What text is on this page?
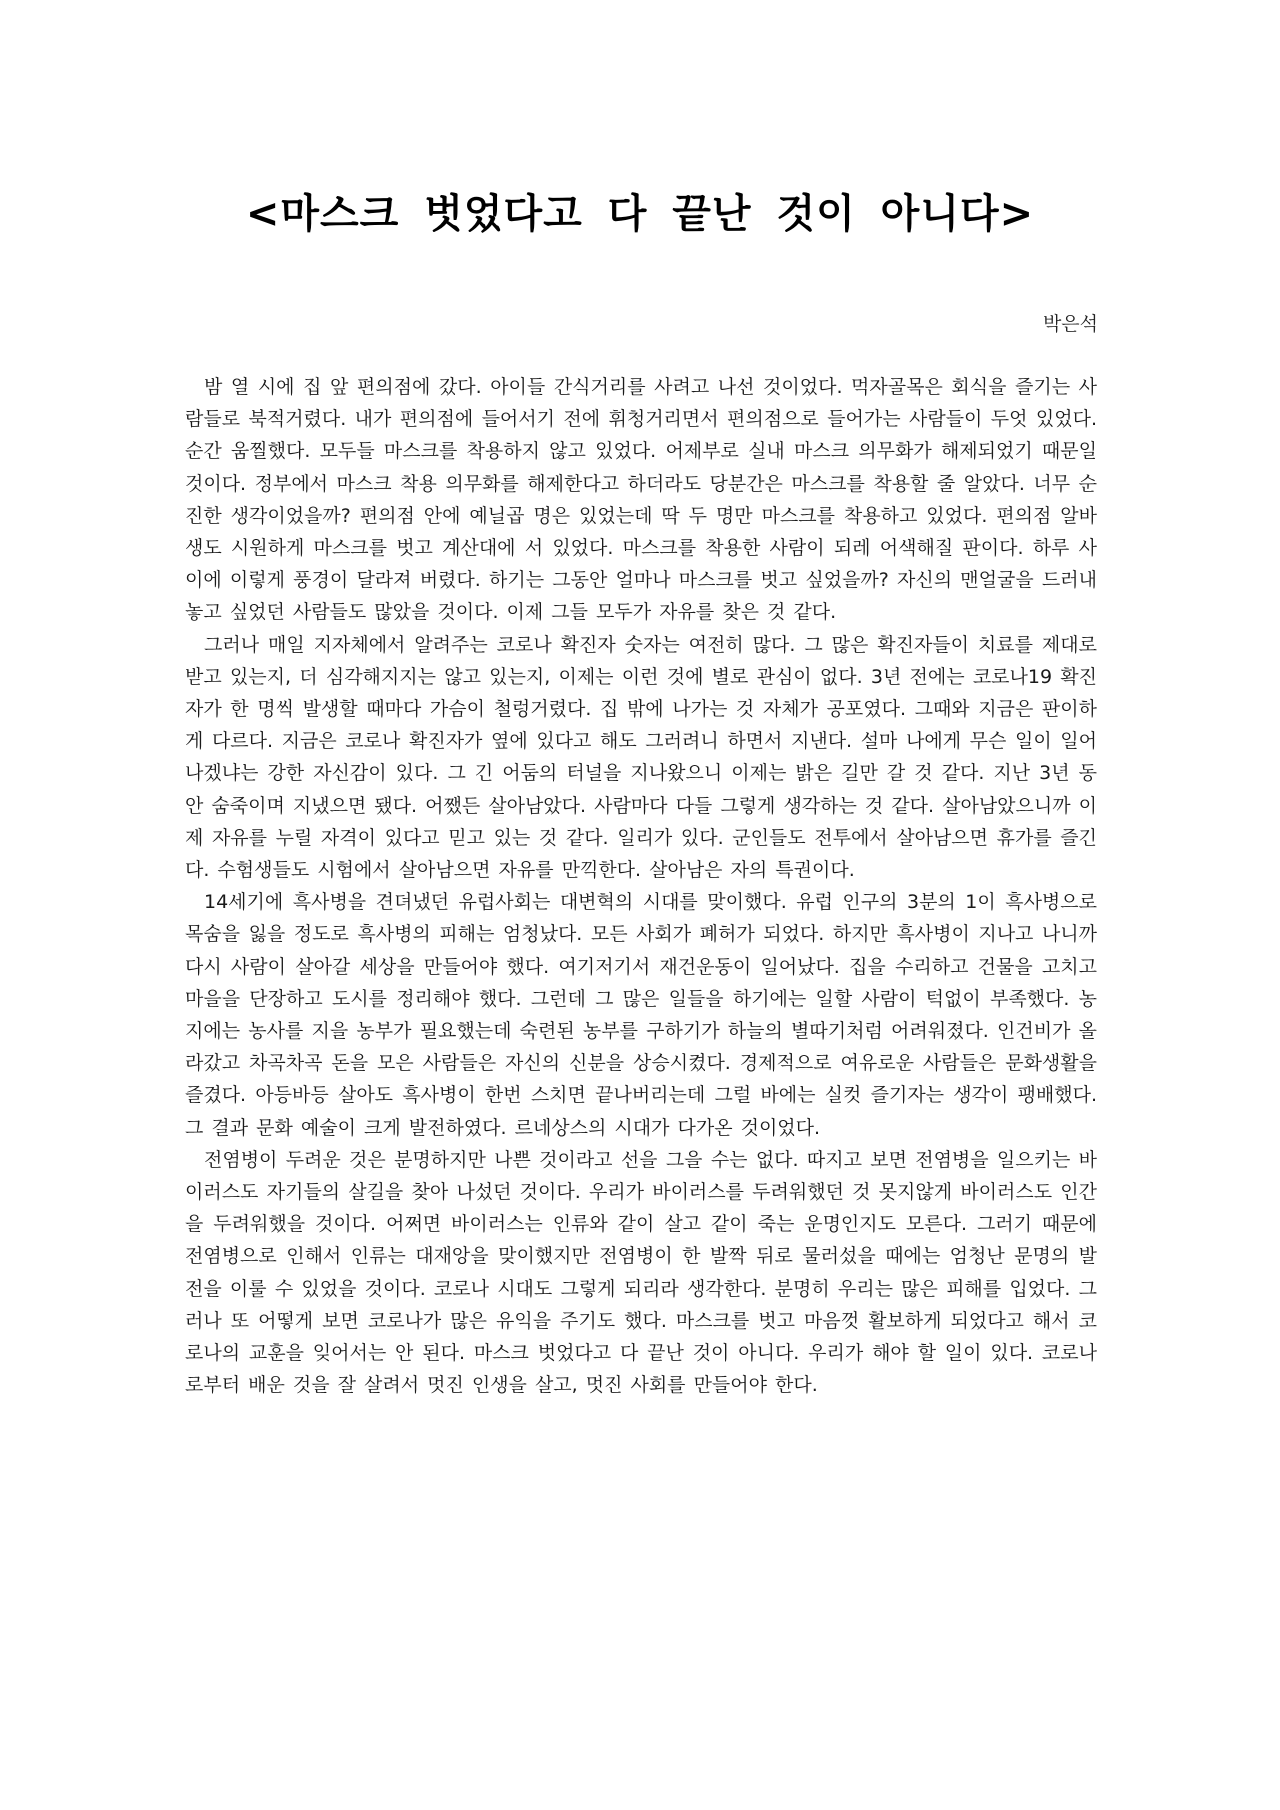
<마스크 벗었다고 다 끝난 것이 아니다>
박은석

밤 열 시에 집 앞 편의점에 갔다. 아이들 간식거리를 사려고 나선 것이었다. 먹자골목은 회식을 즐기는 사람들로 북적거렸다. 내가 편의점에 들어서기 전에 휘청거리면서 편의점으로 들어가는 사람들이 두엇 있었다. 순간 움찔했다. 모두들 마스크를 착용하지 않고 있었다. 어제부로 실내 마스크 의무화가 해제되었기 때문일 것이다. 정부에서 마스크 착용 의무화를 해제한다고 하더라도 당분간은 마스크를 착용할 줄 알았다. 너무 순진한 생각이었을까? 편의점 안에 예닐곱 명은 있었는데 딱 두 명만 마스크를 착용하고 있었다. 편의점 알바생도 시원하게 마스크를 벗고 계산대에 서 있었다. 마스크를 착용한 사람이 되레 어색해질 판이다. 하루 사이에 이렇게 풍경이 달라져 버렸다. 하기는 그동안 얼마나 마스크를 벗고 싶었을까? 자신의 맨얼굴을 드러내놓고 싶었던 사람들도 많았을 것이다. 이제 그들 모두가 자유를 찾은 것 같다.

그러나 매일 지자체에서 알려주는 코로나 확진자 숫자는 여전히 많다. 그 많은 확진자들이 치료를 제대로 받고 있는지, 더 심각해지지는 않고 있는지, 이제는 이런 것에 별로 관심이 없다. 3년 전에는 코로나19 확진자가 한 명씩 발생할 때마다 가슴이 철렁거렸다. 집 밖에 나가는 것 자체가 공포였다. 그때와 지금은 판이하게 다르다. 지금은 코로나 확진자가 옆에 있다고 해도 그러려니 하면서 지낸다. 설마 나에게 무슨 일이 일어나겠냐는 강한 자신감이 있다. 그 긴 어둠의 터널을 지나왔으니 이제는 밝은 길만 갈 것 같다. 지난 3년 동안 숨죽이며 지냈으면 됐다. 어쨌든 살아남았다. 사람마다 다들 그렇게 생각하는 것 같다. 살아남았으니까 이제 자유를 누릴 자격이 있다고 믿고 있는 것 같다. 일리가 있다. 군인들도 전투에서 살아남으면 휴가를 즐긴다. 수험생들도 시험에서 살아남으면 자유를 만끽한다. 살아남은 자의 특권이다.

14세기에 흑사병을 견뎌냈던 유럽사회는 대변혁의 시대를 맞이했다. 유럽 인구의 3분의 1이 흑사병으로 목숨을 잃을 정도로 흑사병의 피해는 엄청났다. 모든 사회가 폐허가 되었다. 하지만 흑사병이 지나고 나니까 다시 사람이 살아갈 세상을 만들어야 했다. 여기저기서 재건운동이 일어났다. 집을 수리하고 건물을 고치고 마을을 단장하고 도시를 정리해야 했다. 그런데 그 많은 일들을 하기에는 일할 사람이 턱없이 부족했다. 농지에는 농사를 지을 농부가 필요했는데 숙련된 농부를 구하기가 하늘의 별따기처럼 어려워졌다. 인건비가 올라갔고 차곡차곡 돈을 모은 사람들은 자신의 신분을 상승시켰다. 경제적으로 여유로운 사람들은 문화생활을 즐겼다. 아등바등 살아도 흑사병이 한번 스치면 끝나버리는데 그럴 바에는 실컷 즐기자는 생각이 팽배했다. 그 결과 문화 예술이 크게 발전하였다. 르네상스의 시대가 다가온 것이었다.

전염병이 두려운 것은 분명하지만 나쁜 것이라고 선을 그을 수는 없다. 따지고 보면 전염병을 일으키는 바이러스도 자기들의 살길을 찾아 나섰던 것이다. 우리가 바이러스를 두려워했던 것 못지않게 바이러스도 인간을 두려워했을 것이다. 어쩌면 바이러스는 인류와 같이 살고 같이 죽는 운명인지도 모른다. 그러기 때문에 전염병으로 인해서 인류는 대재앙을 맞이했지만 전염병이 한 발짝 뒤로 물러섰을 때에는 엄청난 문명의 발전을 이룰 수 있었을 것이다. 코로나 시대도 그렇게 되리라 생각한다. 분명히 우리는 많은 피해를 입었다. 그러나 또 어떻게 보면 코로나가 많은 유익을 주기도 했다. 마스크를 벗고 마음껏 활보하게 되었다고 해서 코로나의 교훈을 잊어서는 안 된다. 마스크 벗었다고 다 끝난 것이 아니다. 우리가 해야 할 일이 있다. 코로나로부터 배운 것을 잘 살려서 멋진 인생을 살고, 멋진 사회를 만들어야 한다.
